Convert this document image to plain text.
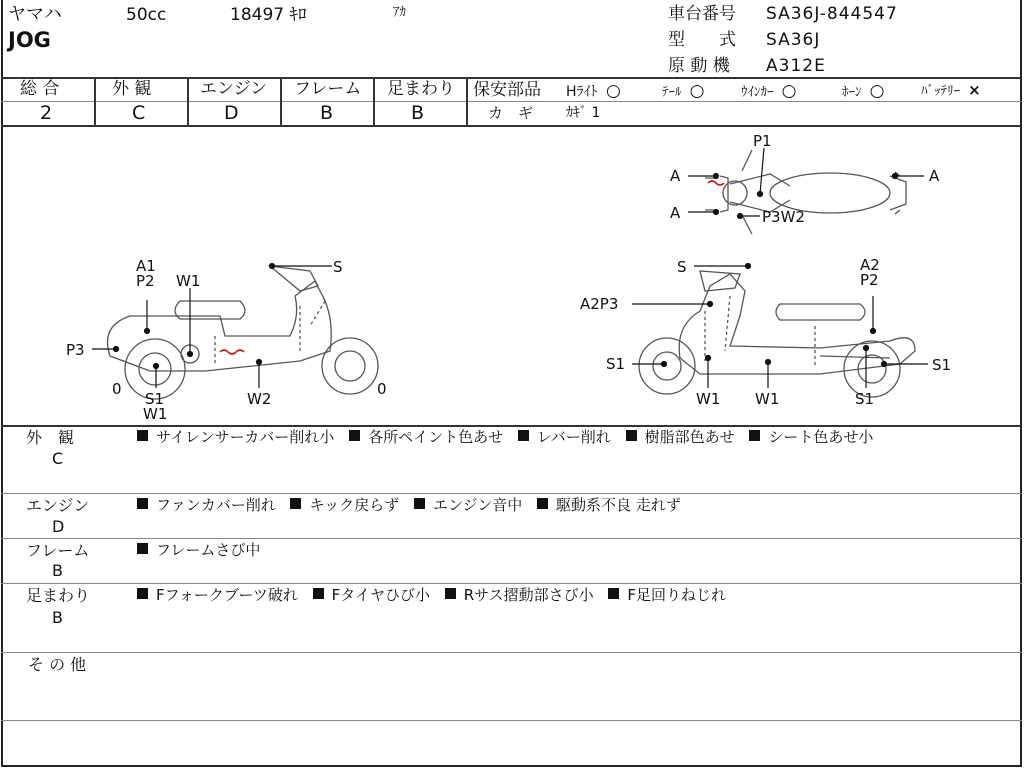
ヤマハ	50cc	18497 ｷﾛ	ｱｶ
JOG
車台番号 SA36J-844547
型　　式 SA36J
原 動 機 A312E
総 合	外 観	エンジン フレーム 足まわり
2	C	D	B	B
保安部品 Hﾗｲﾄ ○	ﾃｰﾙ ○	ｳｲﾝｶｰ ○	ﾎｰﾝ ○	ﾊﾞｯﾃﾘｰ ×
カ　ギ ｶｷﾞ 1
P1
A
A
A
P3W2
A1
P2 W1
S
P3
0
S1
W1
W2
0
S	A2
P2
A2P3
S1	S1
W1 W1	S1
外　観
C
サイレンサーカバー削れ小 各所ペイント色あせ レバー削れ 樹脂部色あせ シート色あせ小
エンジン
D
ファンカバー削れ キック戻らず エンジン音中 駆動系不良 走れず
フレーム
B
フレームさび中
足まわり
B
Fフォークブーツ破れ Fタイヤひび小 Rサス摺動部さび小 F足回りねじれ
そ の 他
